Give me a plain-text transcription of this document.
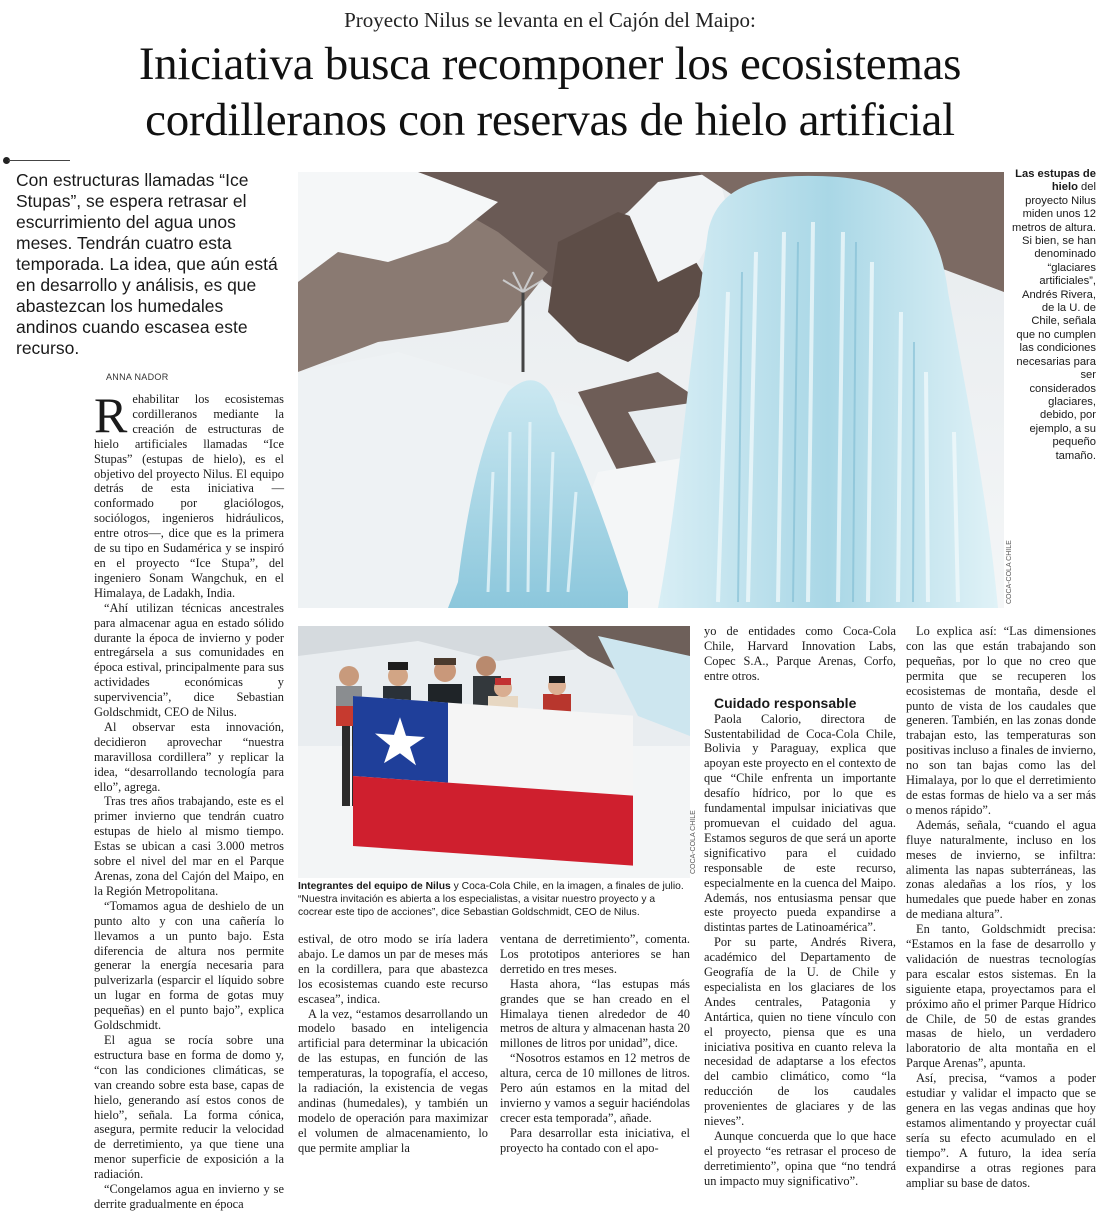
Proyecto Nilus se levanta en el Cajón del Maipo:
Iniciativa busca recomponer los ecosistemas
cordilleranos con reservas de hielo artificial
Con estructuras llamadas “Ice Stupas”, se espera retrasar el escurrimiento del agua unos meses. Tendrán cuatro esta temporada. La idea, que aún está en desarrollo y análisis, es que abastezcan los humedales andinos cuando escasea este recurso.
ANNA NADOR
COCA-COLA CHILE
Las estupas de hielo del proyecto Nilus miden unos 12 metros de altura. Si bien, se han denominado “glaciares artificiales”, Andrés Rivera, de la U. de Chile, señala que no cumplen las condiciones necesarias para ser considerados glaciares, debido, por ejemplo, a su pequeño tamaño.
COCA-COLA CHILE
Integrantes del equipo de Nilus y Coca-Cola Chile, en la imagen, a finales de julio. “Nuestra invitación es abierta a los especialistas, a visitar nuestro proyecto y a cocrear este tipo de acciones”, dice Sebastian Goldschmidt, CEO de Nilus.

Rehabilitar los ecosistemas cordilleranos mediante la creación de estructuras de hielo artificiales llamadas “Ice Stupas” (estupas de hielo), es el objetivo del proyecto Nilus. El equipo detrás de esta iniciativa —conformado por glaciólogos, sociólogos, ingenieros hidráulicos, entre otros—, dice que es la primera de su tipo en Sudamérica y se inspiró en el proyecto “Ice Stupa”, del ingeniero Sonam Wangchuk, en el Himalaya, de Ladakh, India.

“Ahí utilizan técnicas ancestrales para almacenar agua en estado sólido durante la época de invierno y poder entregársela a sus comunidades en época estival, principalmente para sus actividades económicas y supervivencia”, dice Sebastian Goldschmidt, CEO de Nilus.

Al observar esta innovación, decidieron aprovechar “nuestra maravillosa cordillera” y replicar la idea, “desarrollando tecnología para ello”, agrega.

Tras tres años trabajando, este es el primer invierno que tendrán cuatro estupas de hielo al mismo tiempo. Estas se ubican a casi 3.000 metros sobre el nivel del mar en el Parque Arenas, zona del Cajón del Maipo, en la Región Metropolitana.

“Tomamos agua de deshielo de un punto alto y con una cañería lo llevamos a un punto bajo. Esta diferencia de altura nos permite generar la energía necesaria para pulverizarla (esparcir el líquido sobre un lugar en forma de gotas muy pequeñas) en el punto bajo”, explica Goldschmidt.

El agua se rocía sobre una estructura base en forma de domo y, “con las condiciones climáticas, se van creando sobre esta base, capas de hielo, generando así estos conos de hielo”, señala. La forma cónica, asegura, permite reducir la velocidad de derretimiento, ya que tiene una menor superficie de exposición a la radiación.

“Congelamos agua en invierno y se derrite gradualmente en época

estival, de otro modo se iría ladera abajo. Le damos un par de meses más en la cordillera, para que abastezca los ecosistemas cuando este recurso escasea”, indica.

A la vez, “estamos desarrollando un modelo basado en inteligencia artificial para determinar la ubicación de las estupas, en función de las temperaturas, la topografía, el acceso, la radiación, la existencia de vegas andinas (humedales), y también un modelo de operación para maximizar el volumen de almacenamiento, lo que permite ampliar la

ventana de derretimiento”, comenta. Los prototipos anteriores se han derretido en tres meses.

Hasta ahora, “las estupas más grandes que se han creado en el Himalaya tienen alrededor de 40 metros de altura y almacenan hasta 20 millones de litros por unidad”, dice.

“Nosotros estamos en 12 metros de altura, cerca de 10 millones de litros. Pero aún estamos en la mitad del invierno y vamos a seguir haciéndolas crecer esta temporada”, añade.

Para desarrollar esta iniciativa, el proyecto ha contado con el apo-

yo de entidades como Coca-Cola Chile, Harvard Innovation Labs, Copec S.A., Parque Arenas, Corfo, entre otros.

Cuidado responsable

Paola Calorio, directora de Sustentabilidad de Coca-Cola Chile, Bolivia y Paraguay, explica que apoyan este proyecto en el contexto de que “Chile enfrenta un importante desafío hídrico, por lo que es fundamental impulsar iniciativas que promuevan el cuidado del agua. Estamos seguros de que será un aporte significativo para el cuidado responsable de este recurso, especialmente en la cuenca del Maipo. Además, nos entusiasma pensar que este proyecto pueda expandirse a distintas partes de Latinoamérica”.

Por su parte, Andrés Rivera, académico del Departamento de Geografía de la U. de Chile y especialista en los glaciares de los Andes centrales, Patagonia y Antártica, quien no tiene vínculo con el proyecto, piensa que es una iniciativa positiva en cuanto releva la necesidad de adaptarse a los efectos del cambio climático, como “la reducción de los caudales provenientes de glaciares y de las nieves”.

Aunque concuerda que lo que hace el proyecto “es retrasar el proceso de derretimiento”, opina que “no tendrá un impacto muy significativo”.

Lo explica así: “Las dimensiones con las que están trabajando son pequeñas, por lo que no creo que permita que se recuperen los ecosistemas de montaña, desde el punto de vista de los caudales que generen. También, en las zonas donde trabajan esto, las temperaturas son positivas incluso a finales de invierno, no son tan bajas como las del Himalaya, por lo que el derretimiento de estas formas de hielo va a ser más o menos rápido”.

Además, señala, “cuando el agua fluye naturalmente, incluso en los meses de invierno, se infiltra: alimenta las napas subterráneas, las zonas aledañas a los ríos, y los humedales que puede haber en zonas de mediana altura”.

En tanto, Goldschmidt precisa: “Estamos en la fase de desarrollo y validación de nuestras tecnologías para escalar estos sistemas. En la siguiente etapa, proyectamos para el próximo año el primer Parque Hídrico de Chile, de 50 de estas grandes masas de hielo, un verdadero laboratorio de alta montaña en el Parque Arenas”, apunta.

Así, precisa, “vamos a poder estudiar y validar el impacto que se genera en las vegas andinas que hoy estamos alimentando y proyectar cuál sería su efecto acumulado en el tiempo”. A futuro, la idea sería expandirse a otras regiones para ampliar su base de datos.
